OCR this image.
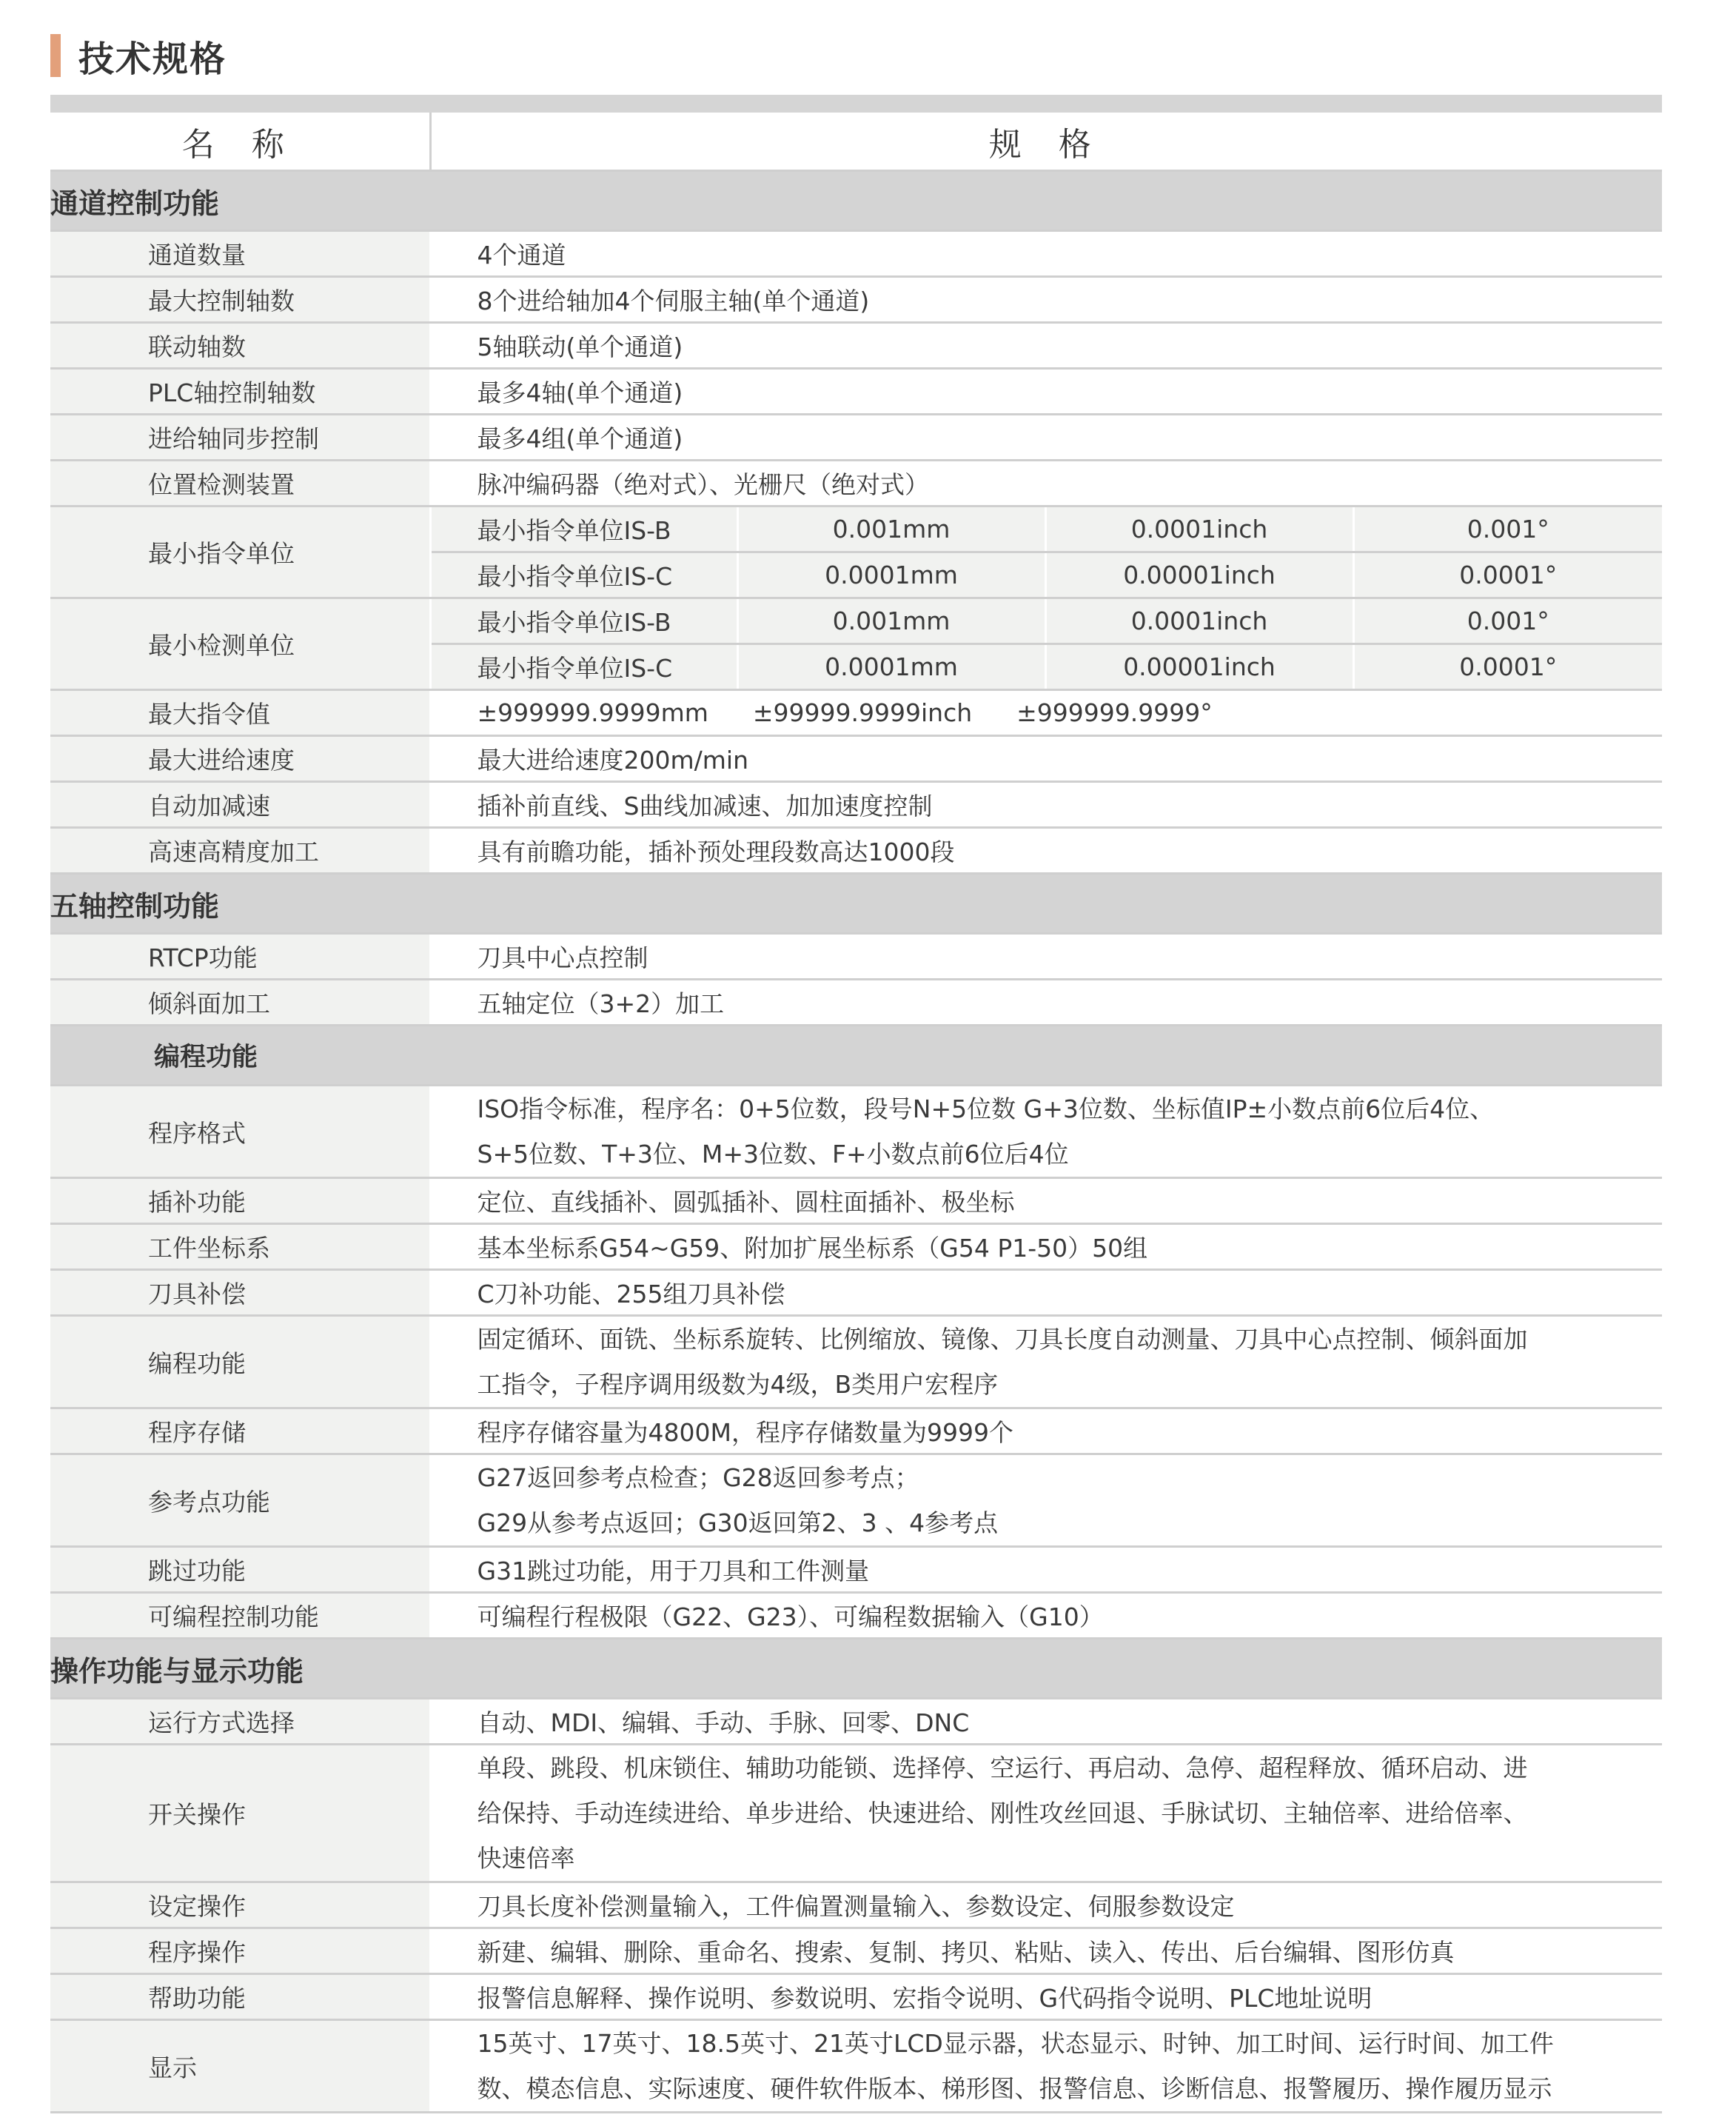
技术规格
名 称	规 格			
通道控制功能				
通道数量	4个通道			
最大控制轴数	8个进给轴加4个伺服主轴(单个通道)			
联动轴数	5轴联动(单个通道)			
PLC轴控制轴数	最多4轴(单个通道)			
进给轴同步控制	最多4组(单个通道)			
位置检测装置	脉冲编码器（绝对式）、光栅尺（绝对式）			
最小指令单位	最小指令单位IS-B	0.001mm	0.0001inch	0.001°
	最小指令单位IS-C	0.0001mm	0.00001inch	0.0001°
最小检测单位	最小指令单位IS-B	0.001mm	0.0001inch	0.001°
	最小指令单位IS-C	0.0001mm	0.00001inch	0.0001°
最大指令值	±999999.9999mm ±99999.9999inch ±999999.9999°			
最大进给速度	最大进给速度200m/min			
自动加减速	插补前直线、S曲线加减速、加加速度控制			
高速高精度加工	具有前瞻功能，插补预处理段数高达1000段			
五轴控制功能				
RTCP功能	刀具中心点控制			
倾斜面加工	五轴定位（3+2）加工			
编程功能				
程序格式	ISO指令标准，程序名：0+5位数，段号N+5位数 G+3位数、坐标值IP±小数点前6位后4位、
S+5位数、T+3位、M+3位数、F+小数点前6位后4位			

插补功能	定位、直线插补、圆弧插补、圆柱面插补、极坐标			
工件坐标系	基本坐标系G54~G59、附加扩展坐标系（G54 P1-50）50组			
刀具补偿	C刀补功能、255组刀具补偿			
编程功能	固定循环、面铣、坐标系旋转、比例缩放、镜像、刀具长度自动测量、刀具中心点控制、倾斜面加
工指令，子程序调用级数为4级，B类用户宏程序			

程序存储	程序存储容量为4800M，程序存储数量为9999个			
参考点功能	G27返回参考点检查；G28返回参考点；
G29从参考点返回；G30返回第2、3 、4参考点			

跳过功能	G31跳过功能，用于刀具和工件测量			
可编程控制功能	可编程行程极限（G22、G23）、可编程数据输入（G10）			
操作功能与显示功能				
运行方式选择	自动、MDI、编辑、手动、手脉、回零、DNC			
开关操作	单段、跳段、机床锁住、辅助功能锁、选择停、空运行、再启动、急停、超程释放、循环启动、进
给保持、手动连续进给、单步进给、快速进给、刚性攻丝回退、手脉试切、主轴倍率、进给倍率、
快速倍率			

设定操作	刀具长度补偿测量输入，工件偏置测量输入、参数设定、伺服参数设定			
程序操作	新建、编辑、删除、重命名、搜索、复制、拷贝、粘贴、读入、传出、后台编辑、图形仿真			
帮助功能	报警信息解释、操作说明、参数说明、宏指令说明、G代码指令说明、PLC地址说明			
显示	15英寸、17英寸、18.5英寸、21英寸LCD显示器，状态显示、时钟、加工时间、运行时间、加工件
数、模态信息、实际速度、硬件软件版本、梯形图、报警信息、诊断信息、报警履历、操作履历显示			
